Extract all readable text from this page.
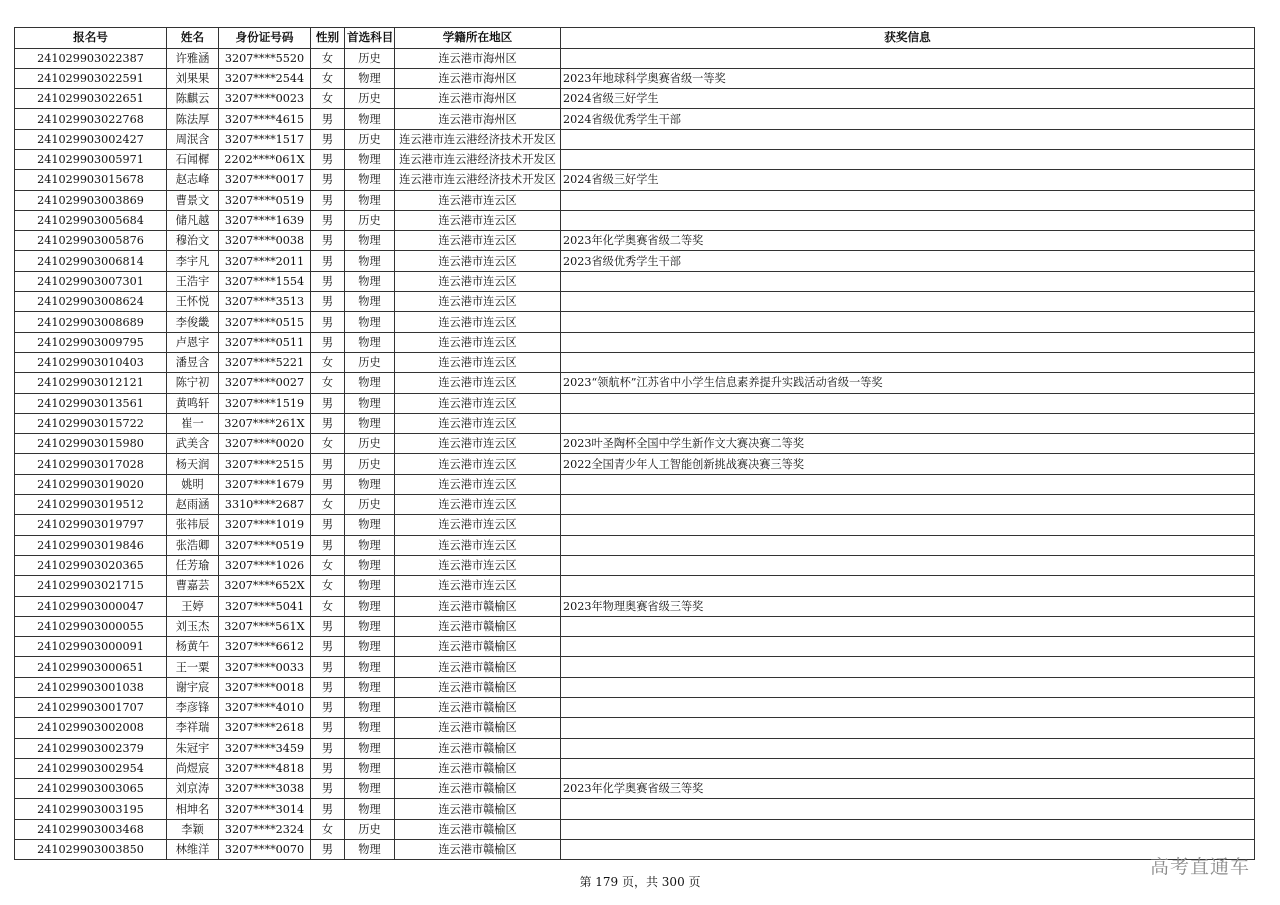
报名号	姓名	身份证号码	性别	首选科目	学籍所在地区	获奖信息
241029903022387	许雅涵	3207****5520	女	历史	连云港市海州区	
241029903022591	刘果果	3207****2544	女	物理	连云港市海州区	2023年地球科学奥赛省级一等奖
241029903022651	陈麒云	3207****0023	女	历史	连云港市海州区	2024省级三好学生
241029903022768	陈法厚	3207****4615	男	物理	连云港市海州区	2024省级优秀学生干部
241029903002427	周泯含	3207****1517	男	历史	连云港市连云港经济技术开发区	
241029903005971	石闻樨	2202****061X	男	物理	连云港市连云港经济技术开发区	
241029903015678	赵志峰	3207****0017	男	物理	连云港市连云港经济技术开发区	2024省级三好学生
241029903003869	曹景文	3207****0519	男	物理	连云港市连云区	
241029903005684	储凡越	3207****1639	男	历史	连云港市连云区	
241029903005876	穆治文	3207****0038	男	物理	连云港市连云区	2023年化学奥赛省级二等奖
241029903006814	李宇凡	3207****2011	男	物理	连云港市连云区	2023省级优秀学生干部
241029903007301	王浩宇	3207****1554	男	物理	连云港市连云区	
241029903008624	王怀悦	3207****3513	男	物理	连云港市连云区	
241029903008689	李俊畿	3207****0515	男	物理	连云港市连云区	
241029903009795	卢恩宇	3207****0511	男	物理	连云港市连云区	
241029903010403	潘昱含	3207****5221	女	历史	连云港市连云区	
241029903012121	陈宁初	3207****0027	女	物理	连云港市连云区	2023“领航杯”江苏省中小学生信息素养提升实践活动省级一等奖
241029903013561	黄鸣轩	3207****1519	男	物理	连云港市连云区	
241029903015722	崔一	3207****261X	男	物理	连云港市连云区	
241029903015980	武美含	3207****0020	女	历史	连云港市连云区	2023叶圣陶杯全国中学生新作文大赛决赛二等奖
241029903017028	杨天润	3207****2515	男	历史	连云港市连云区	2022全国青少年人工智能创新挑战赛决赛三等奖
241029903019020	姚明	3207****1679	男	物理	连云港市连云区	
241029903019512	赵雨涵	3310****2687	女	历史	连云港市连云区	
241029903019797	张祎辰	3207****1019	男	物理	连云港市连云区	
241029903019846	张浩卿	3207****0519	男	物理	连云港市连云区	
241029903020365	任芳瑜	3207****1026	女	物理	连云港市连云区	
241029903021715	曹嘉芸	3207****652X	女	物理	连云港市连云区	
241029903000047	王婷	3207****5041	女	物理	连云港市赣榆区	2023年物理奥赛省级三等奖
241029903000055	刘玉杰	3207****561X	男	物理	连云港市赣榆区	
241029903000091	杨黄午	3207****6612	男	物理	连云港市赣榆区	
241029903000651	王一粟	3207****0033	男	物理	连云港市赣榆区	
241029903001038	谢宇宸	3207****0018	男	物理	连云港市赣榆区	
241029903001707	李彦锋	3207****4010	男	物理	连云港市赣榆区	
241029903002008	李祥瑞	3207****2618	男	物理	连云港市赣榆区	
241029903002379	朱冠宇	3207****3459	男	物理	连云港市赣榆区	
241029903002954	尚煜宸	3207****4818	男	物理	连云港市赣榆区	
241029903003065	刘京涛	3207****3038	男	物理	连云港市赣榆区	2023年化学奥赛省级三等奖
241029903003195	相坤名	3207****3014	男	物理	连云港市赣榆区	
241029903003468	李颖	3207****2324	女	历史	连云港市赣榆区	
241029903003850	林维洋	3207****0070	男	物理	连云港市赣榆区	
第 179 页，共 300 页
高考直通车
